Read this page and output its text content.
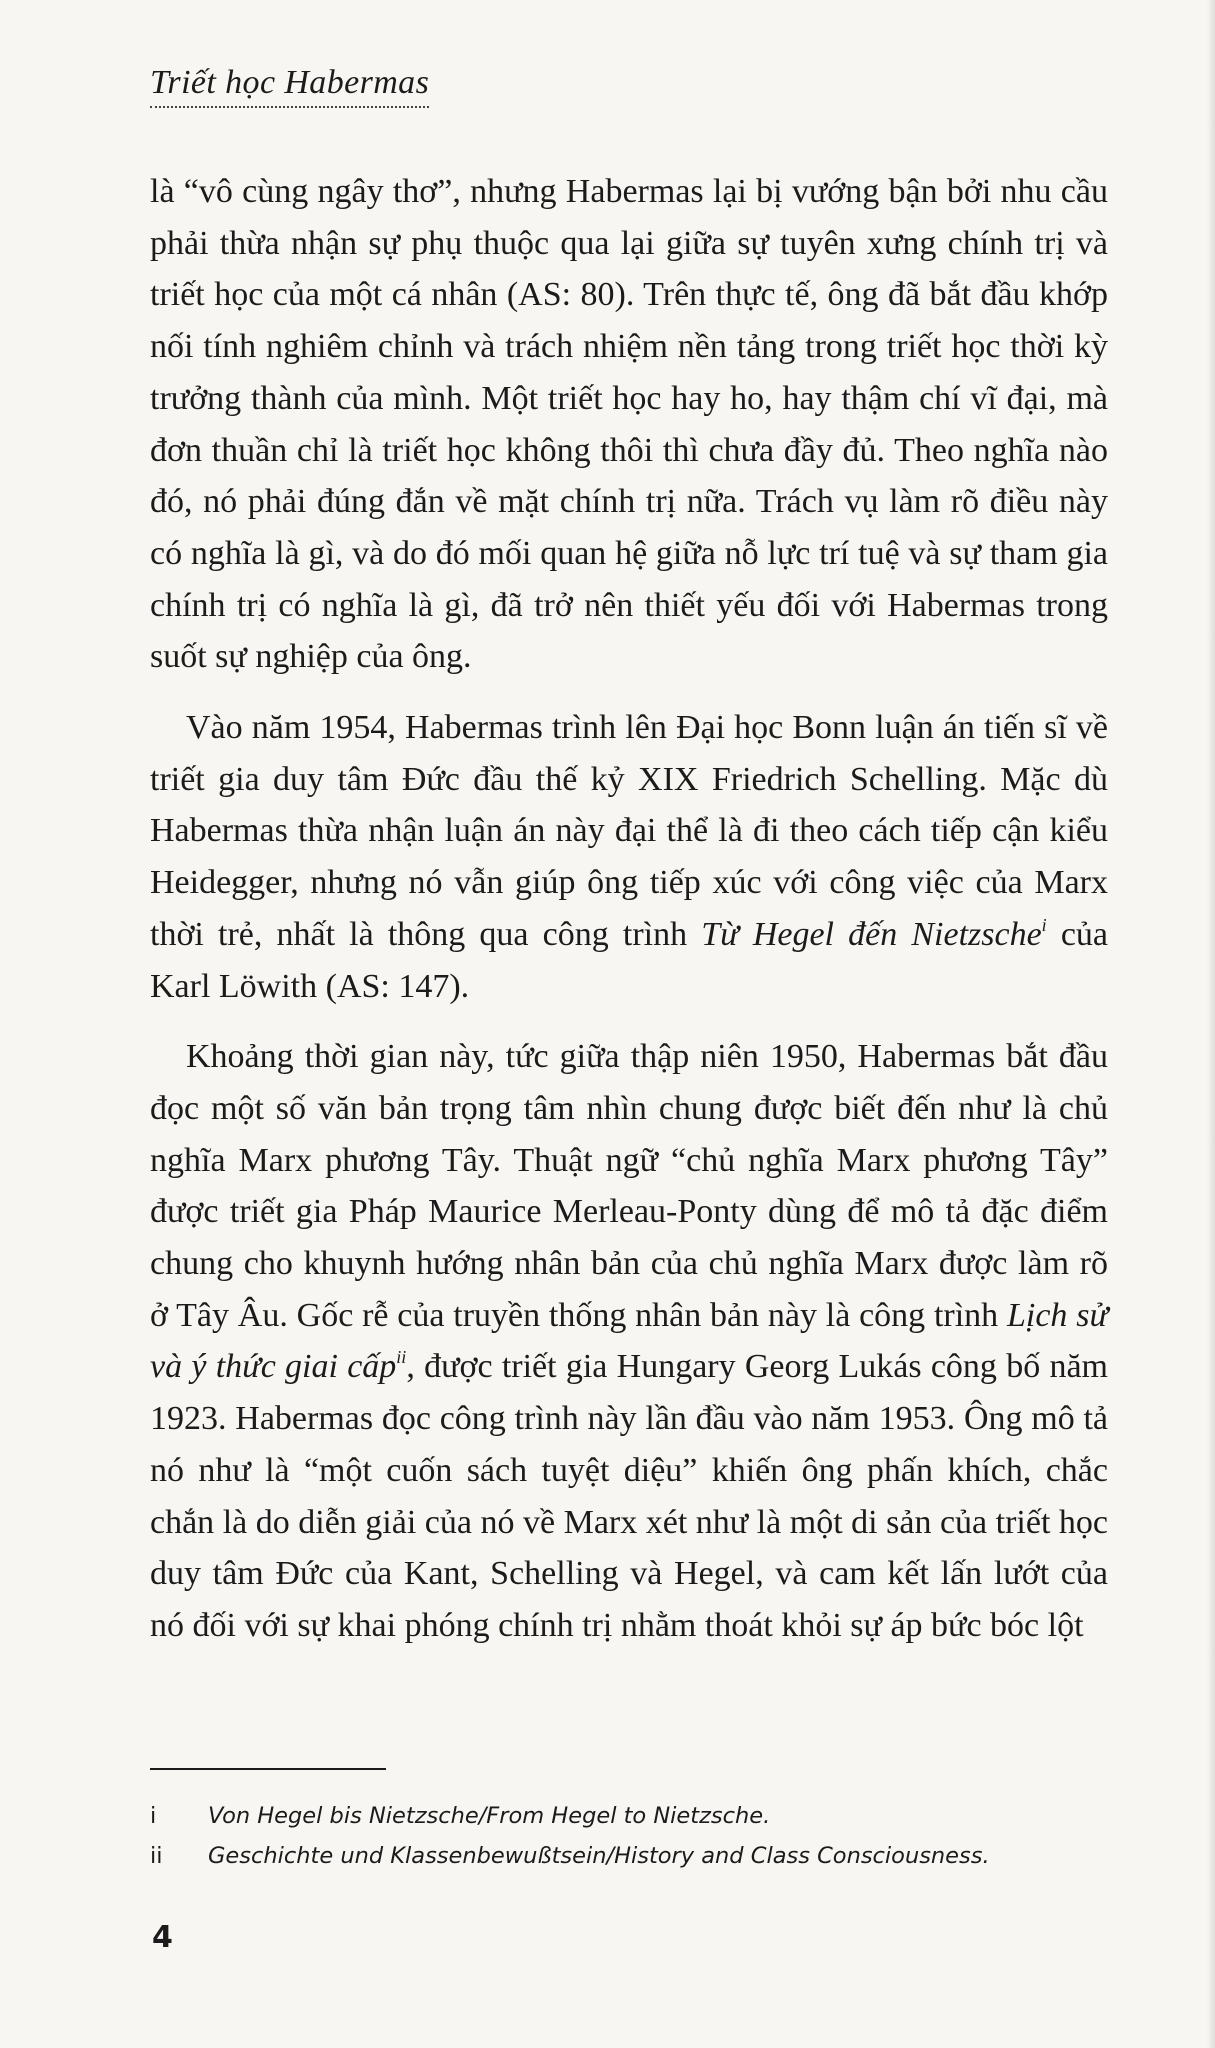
Triết học Habermas

là “vô cùng ngây thơ”, nhưng Habermas lại bị vướng bận bởi nhu cầu phải thừa nhận sự phụ thuộc qua lại giữa sự tuyên xưng chính trị và triết học của một cá nhân (AS: 80). Trên thực tế, ông đã bắt đầu khớp nối tính nghiêm chỉnh và trách nhiệm nền tảng trong triết học thời kỳ trưởng thành của mình. Một triết học hay ho, hay thậm chí vĩ đại, mà đơn thuần chỉ là triết học không thôi thì chưa đầy đủ. Theo nghĩa nào đó, nó phải đúng đắn về mặt chính trị nữa. Trách vụ làm rõ điều này có nghĩa là gì, và do đó mối quan hệ giữa nỗ lực trí tuệ và sự tham gia chính trị có nghĩa là gì, đã trở nên thiết yếu đối với Habermas trong suốt sự nghiệp của ông.

Vào năm 1954, Habermas trình lên Đại học Bonn luận án tiến sĩ về triết gia duy tâm Đức đầu thế kỷ XIX Friedrich Schelling. Mặc dù Habermas thừa nhận luận án này đại thể là đi theo cách tiếp cận kiểu Heidegger, nhưng nó vẫn giúp ông tiếp xúc với công việc của Marx thời trẻ, nhất là thông qua công trình Từ Hegel đến Nietzsche$^i$ của Karl Löwith (AS: 147).

Khoảng thời gian này, tức giữa thập niên 1950, Habermas bắt đầu đọc một số văn bản trọng tâm nhìn chung được biết đến như là chủ nghĩa Marx phương Tây. Thuật ngữ “chủ nghĩa Marx phương Tây” được triết gia Pháp Maurice Merleau-Ponty dùng để mô tả đặc điểm chung cho khuynh hướng nhân bản của chủ nghĩa Marx được làm rõ ở Tây Âu. Gốc rễ của truyền thống nhân bản này là công trình Lịch sử và ý thức giai cấp$^{ii}$, được triết gia Hungary Georg Lukás công bố năm 1923. Habermas đọc công trình này lần đầu vào năm 1953. Ông mô tả nó như là “một cuốn sách tuyệt diệu” khiến ông phấn khích, chắc chắn là do diễn giải của nó về Marx xét như là một di sản của triết học duy tâm Đức của Kant, Schelling và Hegel, và cam kết lấn lướt của nó đối với sự khai phóng chính trị nhằm thoát khỏi sự áp bức bóc lột

i Von Hegel bis Nietzsche/From Hegel to Nietzsche.
ii Geschichte und Klassenbewußtsein/History and Class Consciousness.
4
